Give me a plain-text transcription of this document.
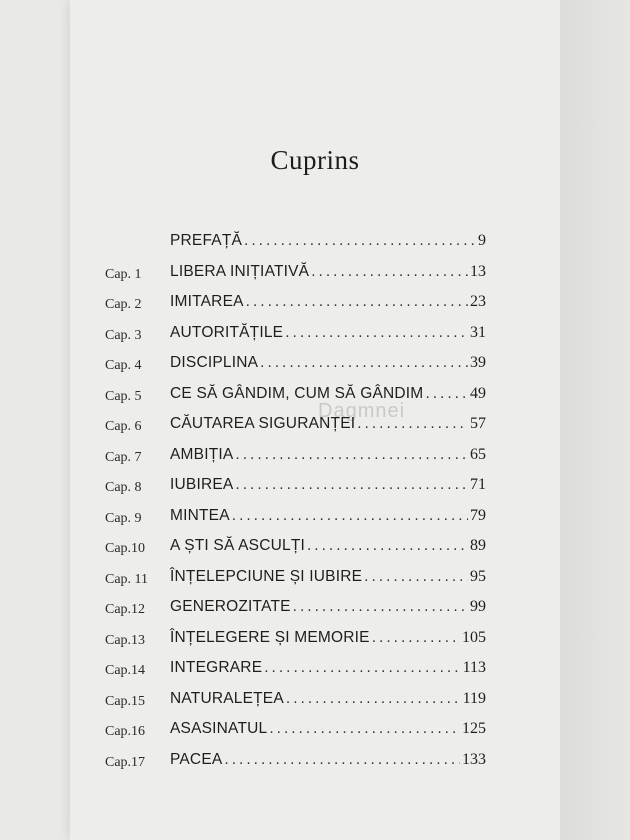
Cuprins
Dagmnei
PREFAȚĂ .....	9
Cap. 1 LIBERA INIȚIATIVĂ .....	13
Cap. 2 IMITAREA .....	23
Cap. 3 AUTORITĂȚILE .....	31
Cap. 4 DISCIPLINA .....	39
Cap. 5 CE SĂ GÂNDIM, CUM SĂ GÂNDIM .....	49
Cap. 6 CĂUTAREA SIGURANȚEI .....	57
Cap. 7 AMBIȚIA .....	65
Cap. 8 IUBIREA .....	71
Cap. 9 MINTEA .....	79
Cap.10 A ȘTI SĂ ASCULȚI .....	89
Cap. 11 ÎNȚELEPCIUNE ȘI IUBIRE .....	95
Cap.12 GENEROZITATE .....	99
Cap.13 ÎNȚELEGERE ȘI MEMORIE .....	105
Cap.14 INTEGRARE .....	113
Cap.15 NATURALEȚEA .....	119
Cap.16 ASASINATUL .....	125
Cap.17 PACEA .....	133
